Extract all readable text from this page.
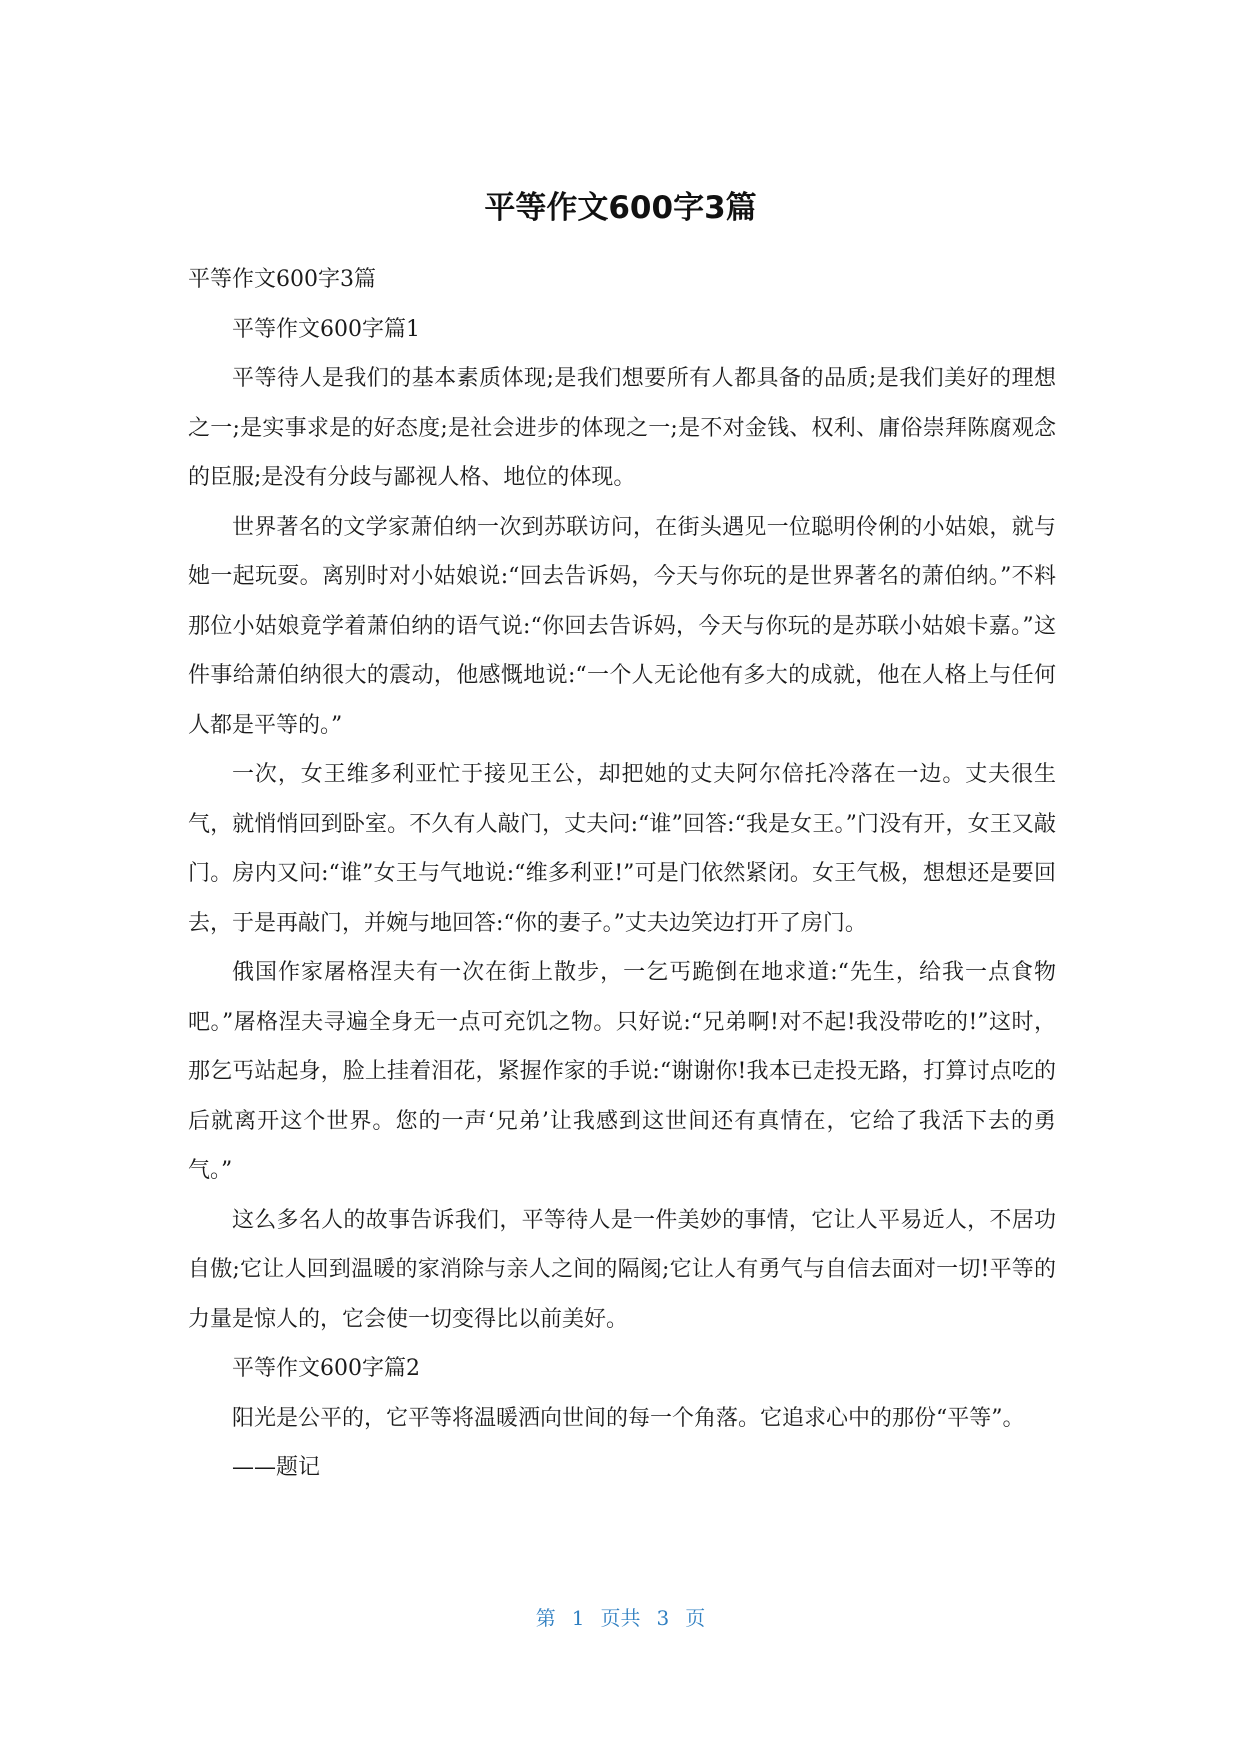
平等作文600字3篇

平等作文600字3篇

平等作文600字篇1

平等待人是我们的基本素质体现;是我们想要所有人都具备的品质;是我们美好的理想之一;是实事求是的好态度;是社会进步的体现之一;是不对金钱、权利、庸俗崇拜陈腐观念的臣服;是没有分歧与鄙视人格、地位的体现。

世界著名的文学家萧伯纳一次到苏联访问，在街头遇见一位聪明伶俐的小姑娘，就与她一起玩耍。离别时对小姑娘说:“回去告诉妈，今天与你玩的是世界著名的萧伯纳。”不料那位小姑娘竟学着萧伯纳的语气说:“你回去告诉妈，今天与你玩的是苏联小姑娘卡嘉。”这件事给萧伯纳很大的震动，他感慨地说:“一个人无论他有多大的成就，他在人格上与任何人都是平等的。”

一次，女王维多利亚忙于接见王公，却把她的丈夫阿尔倍托冷落在一边。丈夫很生气，就悄悄回到卧室。不久有人敲门，丈夫问:“谁”回答:“我是女王。”门没有开，女王又敲门。房内又问:“谁”女王与气地说:“维多利亚!”可是门依然紧闭。女王气极，想想还是要回去，于是再敲门，并婉与地回答:“你的妻子。”丈夫边笑边打开了房门。

俄国作家屠格涅夫有一次在街上散步，一乞丐跪倒在地求道:“先生，给我一点食物吧。”屠格涅夫寻遍全身无一点可充饥之物。只好说:“兄弟啊!对不起!我没带吃的!”这时，那乞丐站起身，脸上挂着泪花，紧握作家的手说:“谢谢你!我本已走投无路，打算讨点吃的后就离开这个世界。您的一声‘兄弟’让我感到这世间还有真情在，它给了我活下去的勇气。”

这么多名人的故事告诉我们，平等待人是一件美妙的事情，它让人平易近人，不居功自傲;它让人回到温暖的家消除与亲人之间的隔阂;它让人有勇气与自信去面对一切!平等的力量是惊人的，它会使一切变得比以前美好。

平等作文600字篇2

阳光是公平的，它平等将温暖洒向世间的每一个角落。它追求心中的那份“平等”。

——题记

第 1 页共 3 页
